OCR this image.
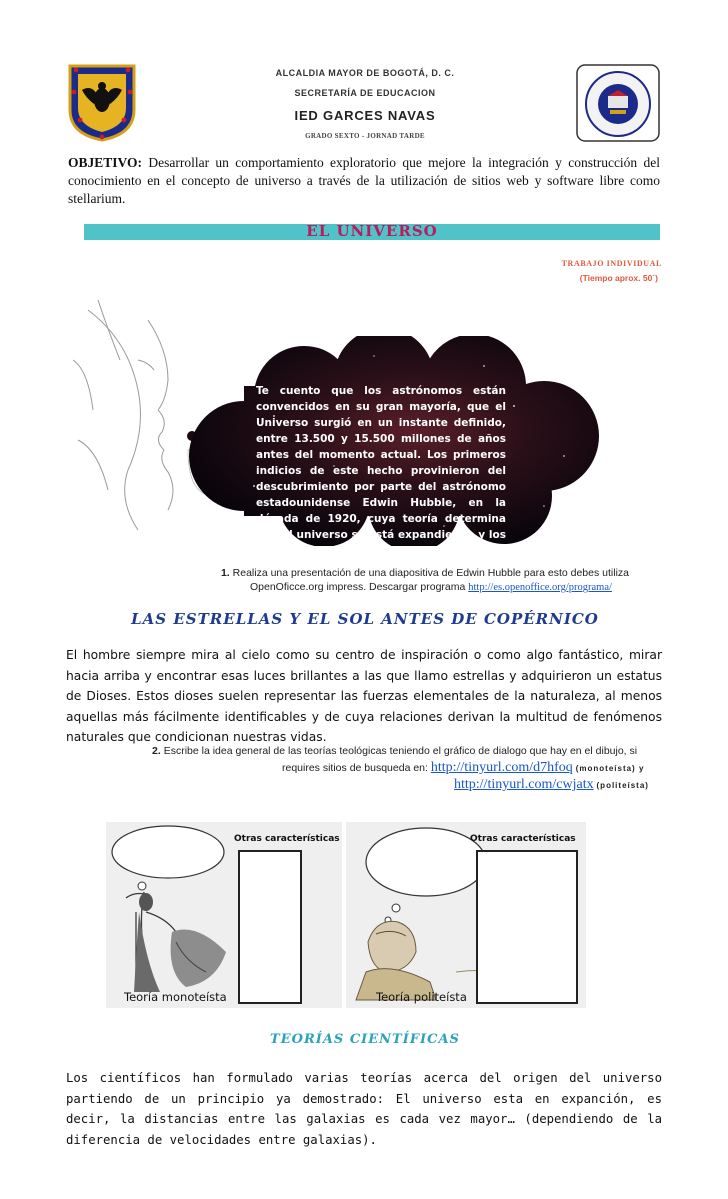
ALCALDIA MAYOR DE BOGOTÁ, D. C.
SECRETARÍA DE EDUCACION
IED GARCES NAVAS
GRADO SEXTO - JORNAD TARDE
OBJETIVO: Desarrollar un comportamiento exploratorio que mejore la integración y construcción del conocimiento en el concepto de universo a través de la utilización de sitios web y software libre como stellarium.
EL UNIVERSO
TRABAJO INDIVIDUAL
(Tiempo aprox. 50´)
Te cuento que los astrónomos están convencidos en su gran mayoría, que el Universo surgió en un instante definido, entre 13.500 y 15.500 millones de años antes del momento actual. Los primeros indicios de este hecho provinieron del descubrimiento por parte del astrónomo estadounidense Edwin Hubble, en la década de 1920, cuya teoría determina que el universo se está expandiendo y los cúmulos de galaxias se alejan entre sí.
1. Realiza una presentación de una diapositiva de Edwin Hubble para esto debes utiliza
OpenOficce.org impress. Descargar programa http://es.openoffice.org/programa/
LAS ESTRELLAS Y EL SOL ANTES DE COPÉRNICO
El hombre siempre mira al cielo como su centro de inspiración o como algo fantástico, mirar hacia arriba y encontrar esas luces brillantes a las que llamo estrellas y adquirieron un estatus de Dioses. Estos dioses suelen representar las fuerzas elementales de la naturaleza, al menos aquellas más fácilmente identificables y de cuya relaciones derivan la multitud de fenómenos naturales que condicionan nuestras vidas.
2. Escribe la idea general de las teorías teológicas teniendo el gráfico de dialogo que hay en el dibujo, si
requires sitios de busqueda en: http://tinyurl.com/d7hfoq (monoteísta) y
http://tinyurl.com/cwjatx (politeísta)
Otras características
Teoría monoteísta
Otras características
Teoría politeísta
TEORÍAS CIENTÍFICAS
Los científicos han formulado varias teorías acerca del origen del universo partiendo de un principio ya demostrado: El universo esta en expanción, es decir, la distancias entre las galaxias es cada vez mayor… (dependiendo de la diferencia de velocidades entre galaxias).
